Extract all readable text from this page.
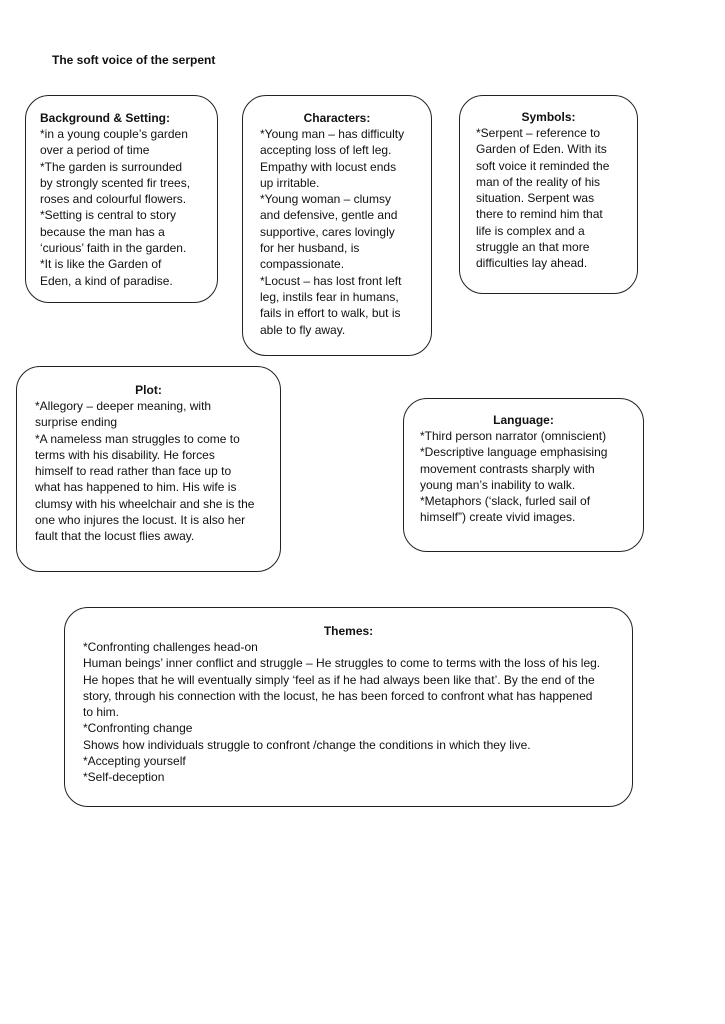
The soft voice of the serpent

Background & Setting:

*in a young couple’s garden

over a period of time

*The garden is surrounded

by strongly scented fir trees,

roses and colourful flowers.

*Setting is central to story

because the man has a

‘curious’ faith in the garden.

*It is like the Garden of

Eden, a kind of paradise.

Characters:

*Young man – has difficulty

accepting loss of left leg.

Empathy with locust ends

up irritable.

*Young woman – clumsy

and defensive, gentle and

supportive, cares lovingly

for her husband, is

compassionate.

*Locust – has lost front left

leg, instils fear in humans,

fails in effort to walk, but is

able to fly away.

Symbols:

*Serpent – reference to

Garden of Eden. With its

soft voice it reminded the

man of the reality of his

situation. Serpent was

there to remind him that

life is complex and a

struggle an that more

difficulties lay ahead.

Plot:

*Allegory – deeper meaning, with

surprise ending

*A nameless man struggles to come to

terms with his disability. He forces

himself to read rather than face up to

what has happened to him. His wife is

clumsy with his wheelchair and she is the

one who injures the locust. It is also her

fault that the locust flies away.

Language:

*Third person narrator (omniscient)

*Descriptive language emphasising

movement contrasts sharply with

young man’s inability to walk.

*Metaphors (‘slack, furled sail of

himself”) create vivid images.

Themes:

*Confronting challenges head-on

Human beings’ inner conflict and struggle – He struggles to come to terms with the loss of his leg.

He hopes that he will eventually simply ‘feel as if he had always been like that’. By the end of the

story, through his connection with the locust, he has been forced to confront what has happened

to him.

*Confronting change

Shows how individuals struggle to confront /change the conditions in which they live.

*Accepting yourself

*Self-deception
